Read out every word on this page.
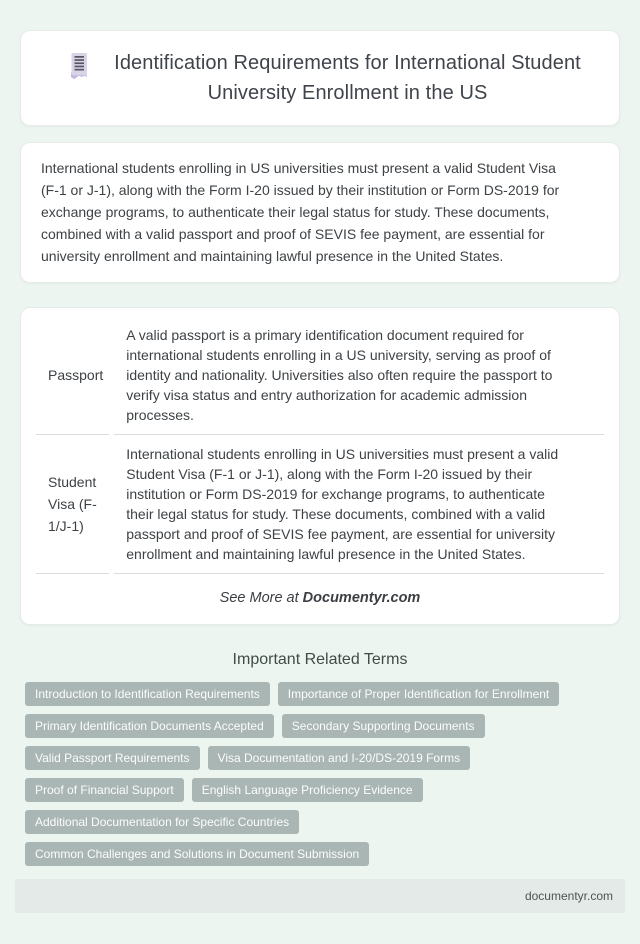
Identification Requirements for International Student University Enrollment in the US

International students enrolling in US universities must present a valid Student Visa (F-1 or J-1), along with the Form I-20 issued by their institution or Form DS-2019 for exchange programs, to authenticate their legal status for study. These documents, combined with a valid passport and proof of SEVIS fee payment, are essential for university enrollment and maintaining lawful presence in the United States.

Passport	A valid passport is a primary identification document required for international students enrolling in a US university, serving as proof of identity and nationality. Universities also often require the passport to verify visa status and entry authorization for academic admission processes.
Student Visa (F-1/J-1)	International students enrolling in US universities must present a valid Student Visa (F-1 or J-1), along with the Form I-20 issued by their institution or Form DS-2019 for exchange programs, to authenticate their legal status for study. These documents, combined with a valid passport and proof of SEVIS fee payment, are essential for university enrollment and maintaining lawful presence in the United States.

See More at Documentyr.com

Important Related Terms
Introduction to Identification Requirements	Importance of Proper Identification for Enrollment
Primary Identification Documents Accepted	Secondary Supporting Documents
Valid Passport Requirements	Visa Documentation and I-20/DS-2019 Forms
Proof of Financial Support	English Language Proficiency Evidence
Additional Documentation for Specific Countries
Common Challenges and Solutions in Document Submission
documentyr.com
